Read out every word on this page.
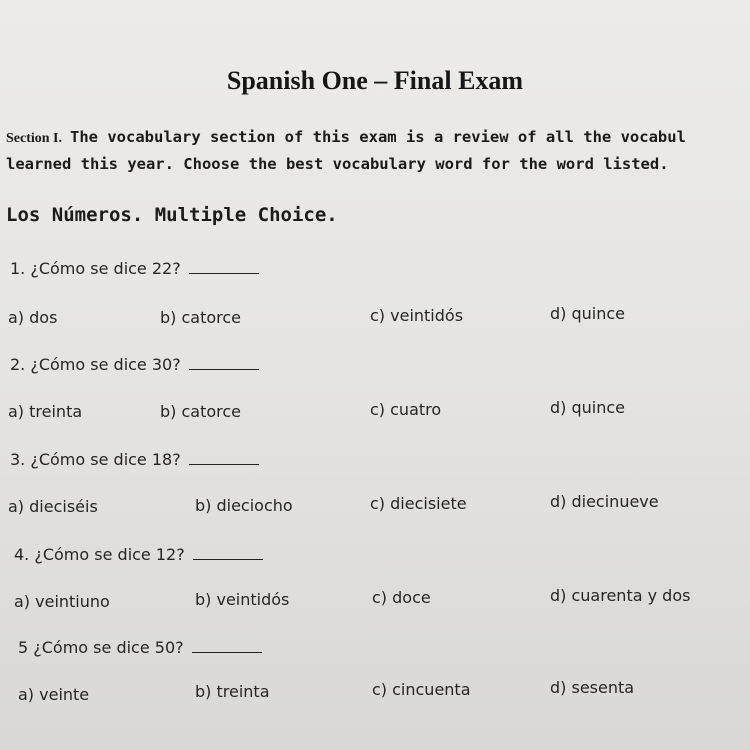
Spanish One – Final Exam
Section I. The vocabulary section of this exam is a review of all the vocabul
learned this year. Choose the best vocabulary word for the word listed.
Los Números. Multiple Choice.
1. ¿Cómo se dice 22?
a) dos	b) catorce	c) veintidós	d) quince
2. ¿Cómo se dice 30?
a) treinta	b) catorce	c) cuatro	d) quince
3. ¿Cómo se dice 18?
a) dieciséis	b) dieciocho	c) diecisiete	d) diecinueve
4. ¿Cómo se dice 12?
a) veintiuno	b) veintidós	c) doce	d) cuarenta y dos
5 ¿Cómo se dice 50?
a) veinte	b) treinta	c) cincuenta	d) sesenta
